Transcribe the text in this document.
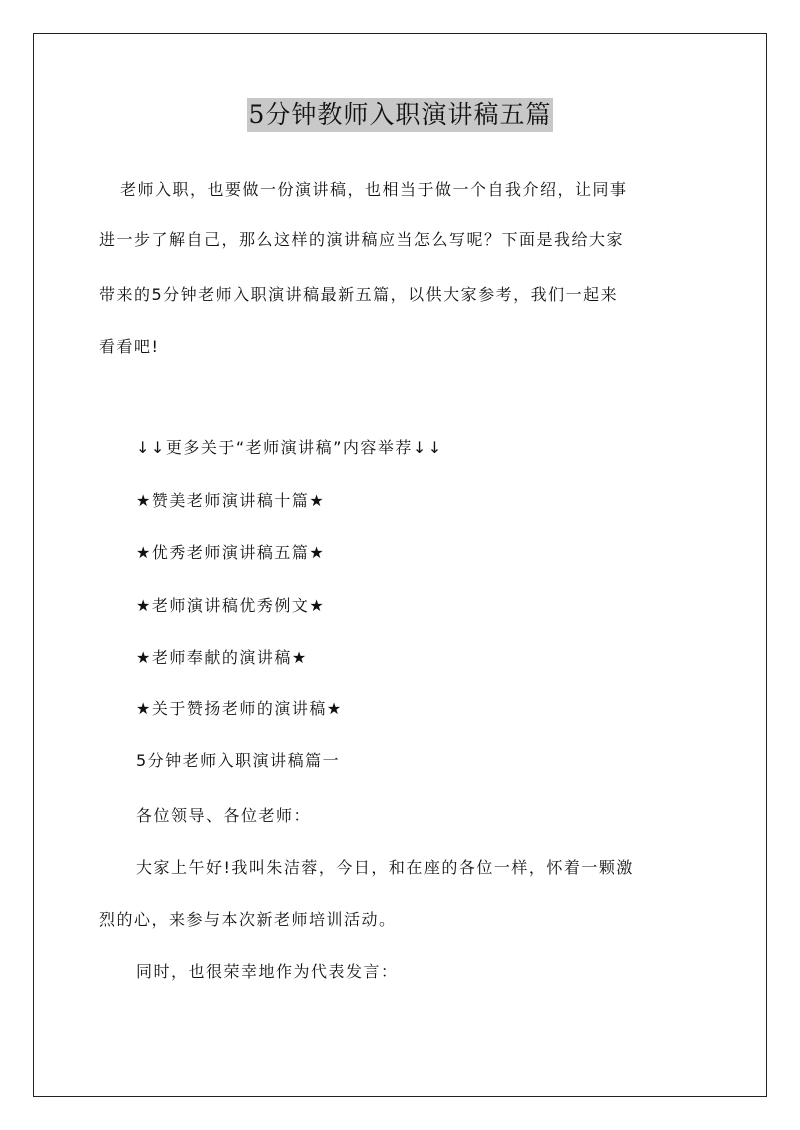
5分钟教师入职演讲稿五篇
老师入职，也要做一份演讲稿，也相当于做一个自我介绍，让同事
进一步了解自己，那么这样的演讲稿应当怎么写呢？下面是我给大家
带来的5分钟老师入职演讲稿最新五篇，以供大家参考，我们一起来
看看吧!
↓↓更多关于“老师演讲稿”内容举荐↓↓
★赞美老师演讲稿十篇★
★优秀老师演讲稿五篇★
★老师演讲稿优秀例文★
★老师奉献的演讲稿★
★关于赞扬老师的演讲稿★
5分钟老师入职演讲稿篇一
各位领导、各位老师：
大家上午好!我叫朱洁蓉，今日，和在座的各位一样，怀着一颗激
烈的心，来参与本次新老师培训活动。
同时，也很荣幸地作为代表发言：
